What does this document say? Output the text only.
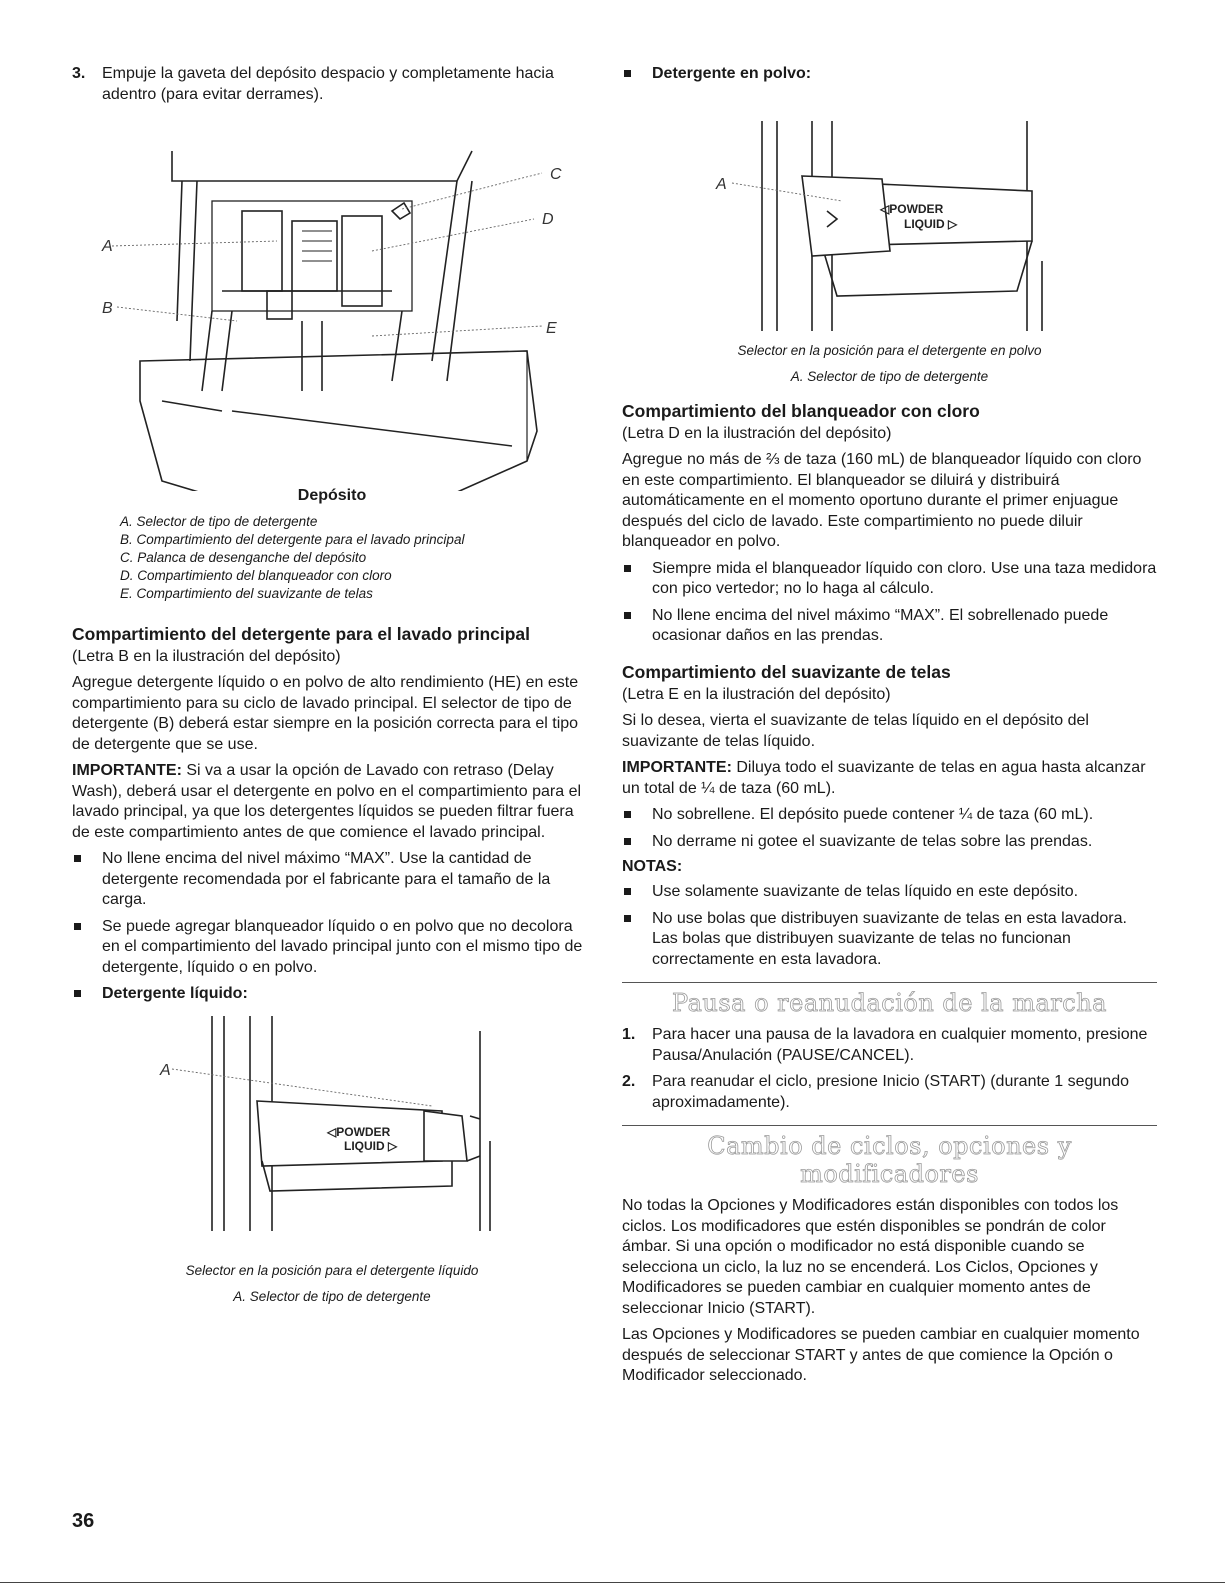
3.	Empuje la gaveta del depósito despacio y completamente hacia adentro (para evitar derrames).
A
B
C
D
E

Depósito

A. Selector de tipo de detergente
B. Compartimiento del detergente para el lavado principal
C. Palanca de desenganche del depósito
D. Compartimiento del blanqueador con cloro
E. Compartimiento del suavizante de telas
Compartimiento del detergente para el lavado principal

(Letra B en la ilustración del depósito)

Agregue detergente líquido o en polvo de alto rendimiento (HE) en este compartimiento para su ciclo de lavado principal. El selector de tipo de detergente (B) deberá estar siempre en la posición correcta para el tipo de detergente que se use.

IMPORTANTE: Si va a usar la opción de Lavado con retraso (Delay Wash), deberá usar el detergente en polvo en el compartimiento para el lavado principal, ya que los detergentes líquidos se pueden filtrar fuera de este compartimiento antes de que comience el lavado principal.

No llene encima del nivel máximo “MAX”. Use la cantidad de detergente recomendada por el fabricante para el tamaño de la carga.
Se puede agregar blanqueador líquido o en polvo que no decolora en el compartimiento del lavado principal junto con el mismo tipo de detergente, líquido o en polvo.
Detergente líquido:
◁POWDER
LIQUID ▷
A
Selector en la posición para el detergente líquido
A. Selector de tipo de detergente
Detergente en polvo:
◁POWDER
LIQUID ▷
A
Selector en la posición para el detergente en polvo
A. Selector de tipo de detergente
Compartimiento del blanqueador con cloro

(Letra D en la ilustración del depósito)

Agregue no más de ⅔ de taza (160 mL) de blanqueador líquido con cloro en este compartimiento. El blanqueador se diluirá y distribuirá automáticamente en el momento oportuno durante el primer enjuague después del ciclo de lavado. Este compartimiento no puede diluir blanqueador en polvo.

Siempre mida el blanqueador líquido con cloro. Use una taza medidora con pico vertedor; no lo haga al cálculo.
No llene encima del nivel máximo “MAX”. El sobrellenado puede ocasionar daños en las prendas.
Compartimiento del suavizante de telas

(Letra E en la ilustración del depósito)

Si lo desea, vierta el suavizante de telas líquido en el depósito del suavizante de telas líquido.

IMPORTANTE: Diluya todo el suavizante de telas en agua hasta alcanzar un total de ¼ de taza (60 mL).

No sobrellene. El depósito puede contener ¼ de taza (60 mL).
No derrame ni gotee el suavizante de telas sobre las prendas.
NOTAS:
Use solamente suavizante de telas líquido en este depósito.
No use bolas que distribuyen suavizante de telas en esta lavadora. Las bolas que distribuyen suavizante de telas no funcionan correctamente en esta lavadora.
Pausa o reanudación de la marcha
1.	Para hacer una pausa de la lavadora en cualquier momento, presione Pausa/Anulación (PAUSE/CANCEL).
2.	Para reanudar el ciclo, presione Inicio (START) (durante 1 segundo aproximadamente).
Cambio de ciclos, opciones y modificadores

No todas la Opciones y Modificadores están disponibles con todos los ciclos. Los modificadores que estén disponibles se pondrán de color ámbar. Si una opción o modificador no está disponible cuando se selecciona un ciclo, la luz no se encenderá. Los Ciclos, Opciones y Modificadores se pueden cambiar en cualquier momento antes de seleccionar Inicio (START).

Las Opciones y Modificadores se pueden cambiar en cualquier momento después de seleccionar START y antes de que comience la Opción o Modificador seleccionado.

36
